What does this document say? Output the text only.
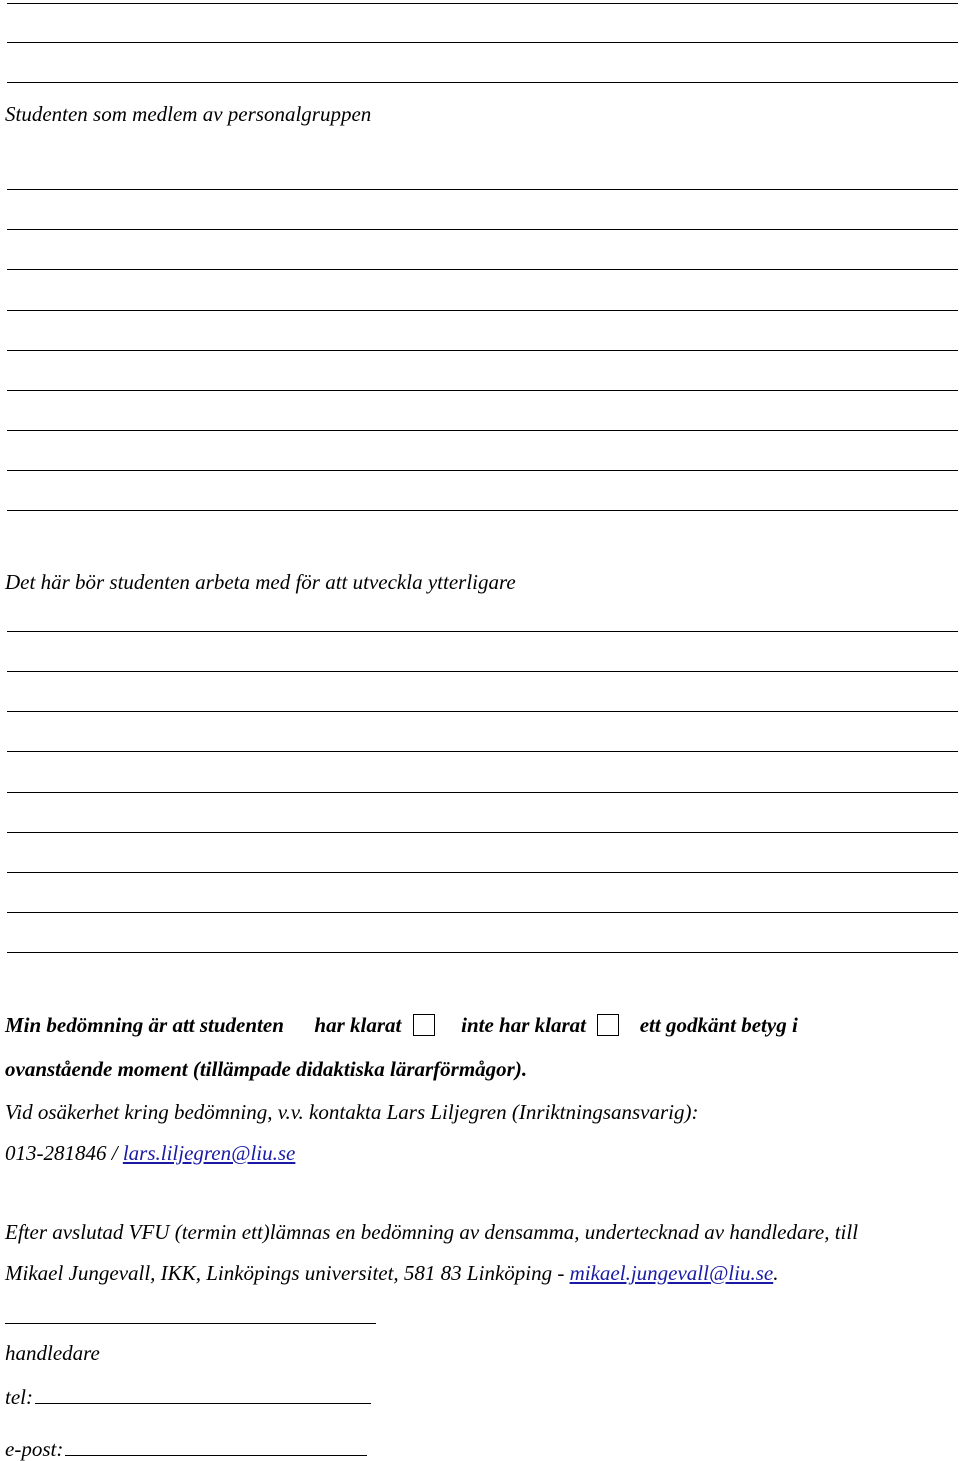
Studenten som medlem av personalgruppen
Det här bör studenten arbeta med för att utveckla ytterligare
Min bedömning är att studenten har klarat	inte har klarat	ett godkänt betyg i
ovanstående moment (tillämpade didaktiska lärarförmågor).
Vid osäkerhet kring bedömning, v.v. kontakta Lars Liljegren (Inriktningsansvarig):
013-281846 / lars.liljegren@liu.se
Efter avslutad VFU (termin ett)lämnas en bedömning av densamma, undertecknad av handledare, till
Mikael Jungevall, IKK, Linköpings universitet, 581 83 Linköping - mikael.jungevall@liu.se.
handledare
tel:
e-post:
